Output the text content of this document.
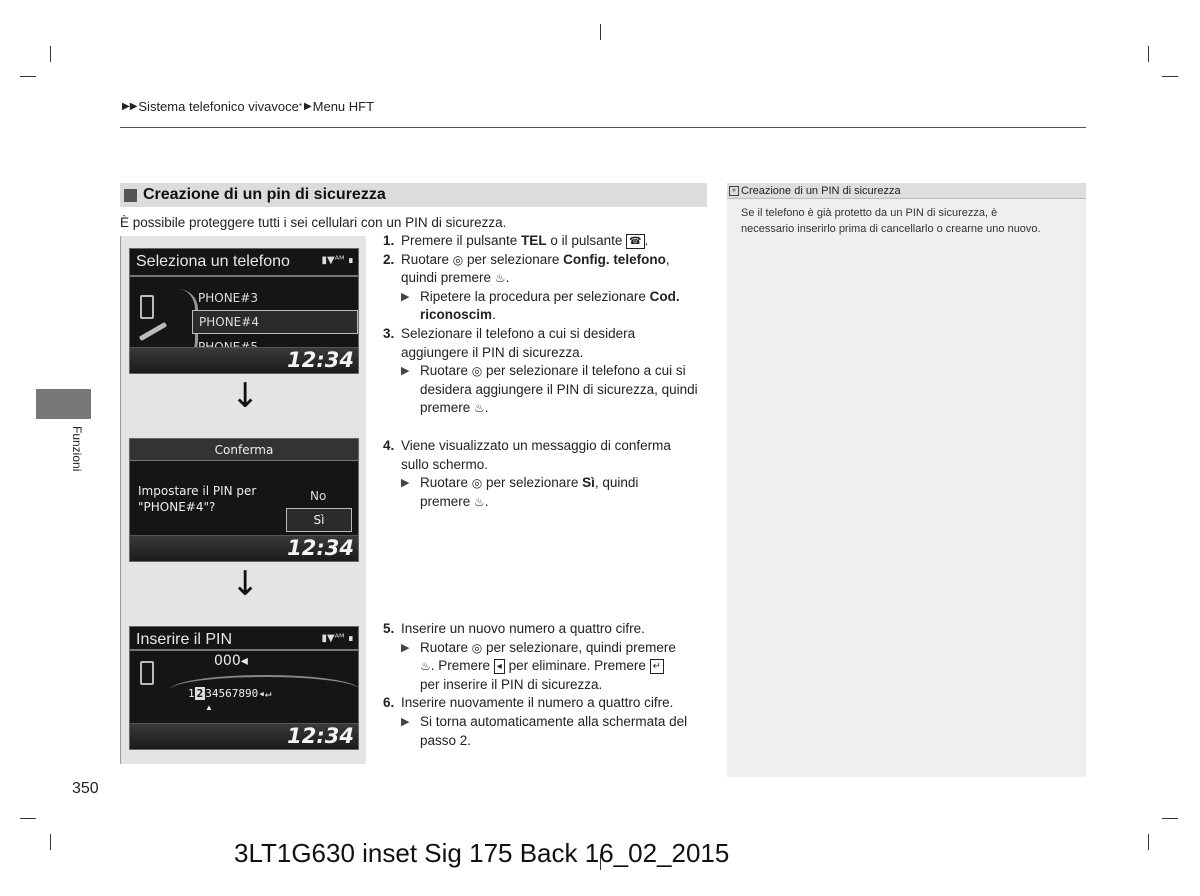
▶▶ Sistema telefonico vivavoce * ▶ Menu HFT
Creazione di un pin di sicurezza
È possibile proteggere tutti i sei cellulari con un PIN di sicurezza.
Seleziona un telefono	▮▼ᴬᴹ ∎
PHONE#3
PHONE#4
12:34
↓
Conferma
Impostare il PIN per
"PHONE#4"?
No
Sì
12:34
↓
Inserire il PIN	▮▼ᴬᴹ ∎
000◂
1 2 34567890◂↵
▲
12:34
1. Premere il pulsante TEL o il pulsante ☎ .
2. Ruotare ◎ per selezionare Config. telefono,
quindi premere ♨.
▶ Ripetere la procedura per selezionare Cod.
riconoscim.
3. Selezionare il telefono a cui si desidera
aggiungere il PIN di sicurezza.
▶ Ruotare ◎ per selezionare il telefono a cui si
desidera aggiungere il PIN di sicurezza, quindi
premere ♨.
4. Viene visualizzato un messaggio di conferma
sullo schermo.
▶ Ruotare ◎ per selezionare Sì, quindi
premere ♨.
5. Inserire un nuovo numero a quattro cifre.
▶ Ruotare ◎ per selezionare, quindi premere
♨. Premere ◂ per eliminare. Premere ↵
per inserire il PIN di sicurezza.
6. Inserire nuovamente il numero a quattro cifre.
▶ Si torna automaticamente alla schermata del
passo 2.
Funzioni
» Creazione di un PIN di sicurezza
Se il telefono è già protetto da un PIN di sicurezza, è
necessario inserirlo prima di cancellarlo o crearne uno nuovo.
350
3LT1G630 inset Sig 175 Back 16_02_2015
